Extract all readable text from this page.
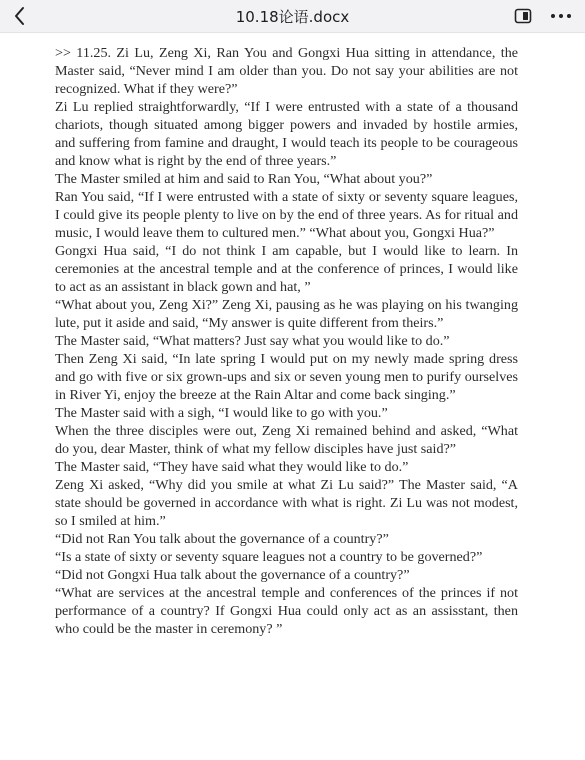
10.18论语.docx

>> 11.25. Zi Lu, Zeng Xi, Ran You and Gongxi Hua sitting in attendance, the Master said, “Never mind I am older than you. Do not say your abilities are not recognized. What if they were?”

Zi Lu replied straightforwardly, “If I were entrusted with a state of a thousand chariots, though situated among bigger powers and invaded by hostile armies, and suffering from famine and draught, I would teach its people to be courageous and know what is right by the end of three years.”

The Master smiled at him and said to Ran You, “What about you?”

Ran You said, “If I were entrusted with a state of sixty or seventy square leagues, I could give its people plenty to live on by the end of three years. As for ritual and music, I would leave them to cultured men.” “What about you, Gongxi Hua?”

Gongxi Hua said, “I do not think I am capable, but I would like to learn. In ceremonies at the ancestral temple and at the conference of princes, I would like to act as an assistant in black gown and hat, ”

“What about you, Zeng Xi?” Zeng Xi, pausing as he was playing on his twanging lute, put it aside and said, “My answer is quite different from theirs.”

The Master said, “What matters? Just say what you would like to do.”

Then Zeng Xi said, “In late spring I would put on my newly made spring dress and go with five or six grown-ups and six or seven young men to purify ourselves in River Yi, enjoy the breeze at the Rain Altar and come back singing.”

The Master said with a sigh, “I would like to go with you.”

When the three disciples were out, Zeng Xi remained behind and asked, “What do you, dear Master, think of what my fellow disciples have just said?”

The Master said, “They have said what they would like to do.”

Zeng Xi asked, “Why did you smile at what Zi Lu said?” The Master said, “A state should be governed in accordance with what is right. Zi Lu was not modest, so I smiled at him.”

“Did not Ran You talk about the governance of a country?”

“Is a state of sixty or seventy square leagues not a country to be governed?”

“Did not Gongxi Hua talk about the governance of a country?”

“What are services at the ancestral temple and conferences of the princes if not performance of a country? If Gongxi Hua could only act as an assisstant, then who could be the master in ceremony? ”
